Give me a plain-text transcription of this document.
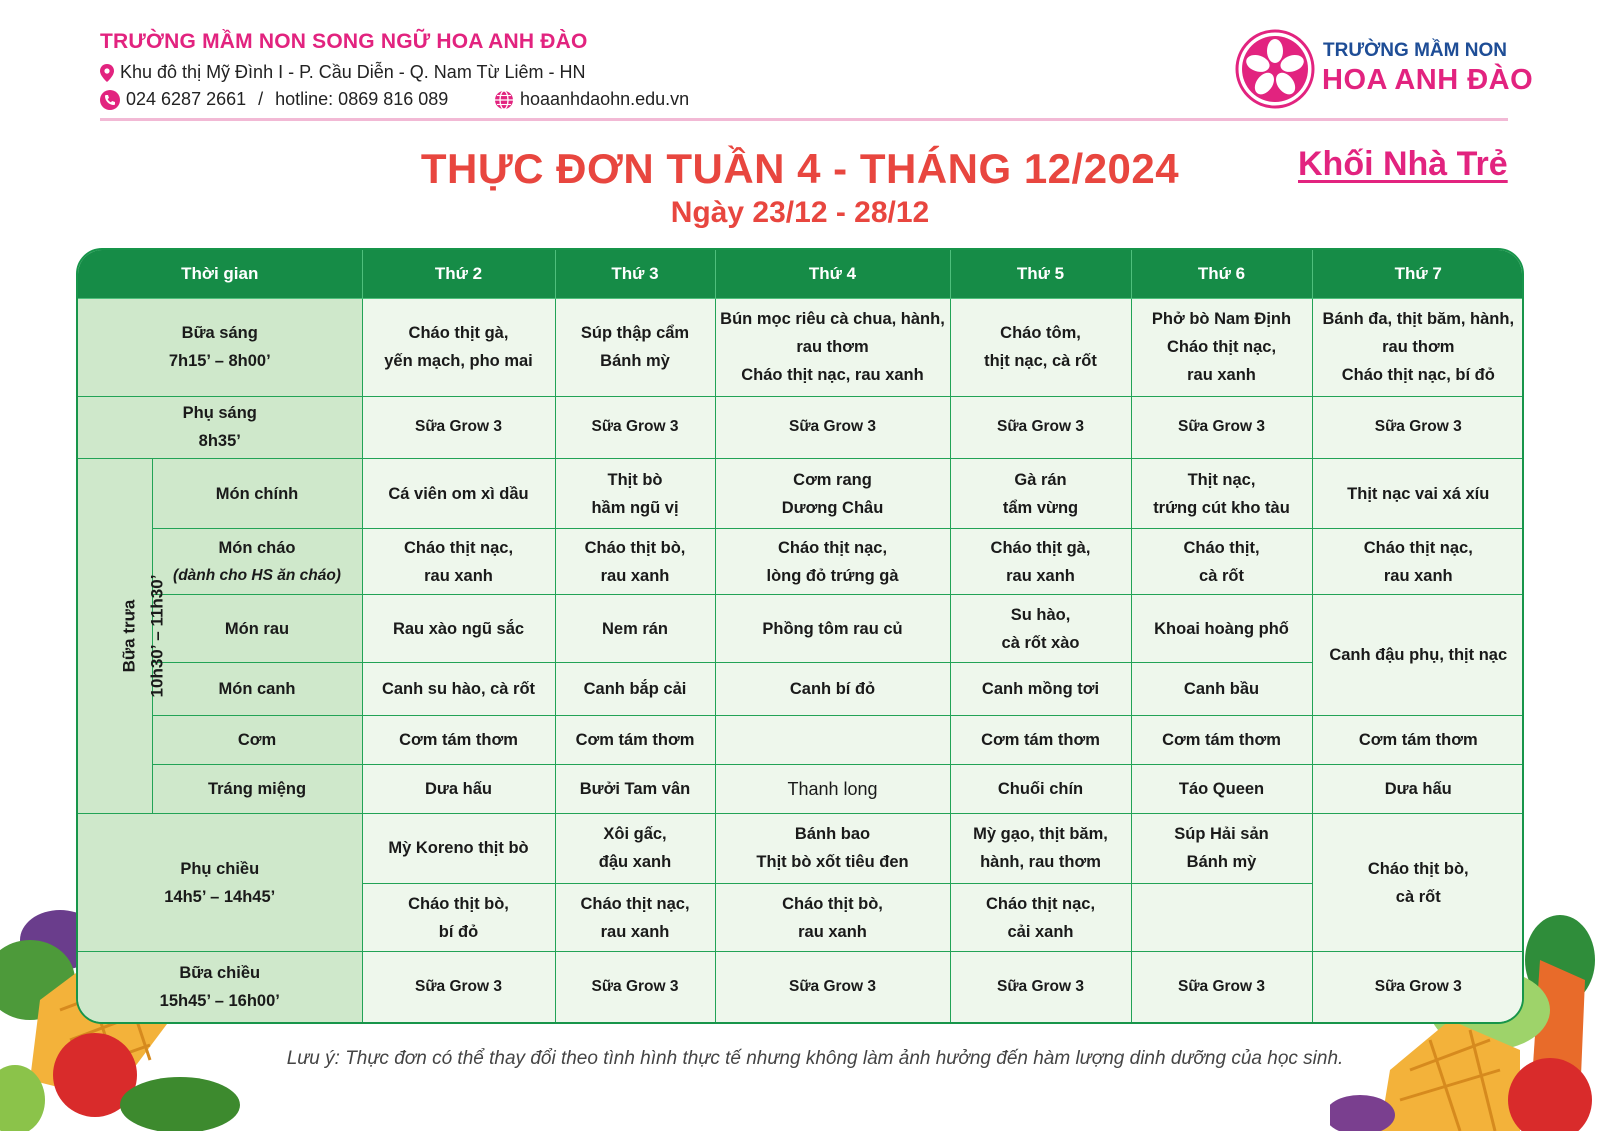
TRƯỜNG MẦM NON SONG NGỮ HOA ANH ĐÀO
Khu đô thị Mỹ Đình I - P. Cầu Diễn - Q. Nam Từ Liêm - HN
024 6287 2661 / hotline: 0869 816 089	hoaanhdaohn.edu.vn
TRƯỜNG MẦM NON
HOA ANH ĐÀO
THỰC ĐƠN TUẦN 4 - THÁNG 12/2024
Ngày 23/12 - 28/12
Khối Nhà Trẻ
Thời gian		Thứ 2	Thứ 3	Thứ 4	Thứ 5	Thứ 6	Thứ 7

Bữa sáng
7h15’ – 8h00’		Cháo thịt gà,
yến mạch, pho mai	Súp thập cẩm
Bánh mỳ	Bún mọc riêu cà chua, hành,
rau thơm
Cháo thịt nạc, rau xanh	Cháo tôm,
thịt nạc, cà rốt	Phở bò Nam Định
Cháo thịt nạc,
rau xanh	Bánh đa, thịt băm, hành,
rau thơm
Cháo thịt nạc, bí đỏ

Phụ sáng
8h35’		Sữa Grow 3	Sữa Grow 3	Sữa Grow 3	Sữa Grow 3	Sữa Grow 3	Sữa Grow 3

Bữa trưa 10h30’ – 11h30’	Món chính	Cá viên om xì dầu	Thịt bò
hầm ngũ vị	Cơm rang
Dương Châu	Gà rán
tẩm vừng	Thịt nạc,
trứng cút kho tàu	Thịt nạc vai xá xíu

	Món cháo
(dành cho HS ăn cháo)	Cháo thịt nạc,
rau xanh	Cháo thịt bò,
rau xanh	Cháo thịt nạc,
lòng đỏ trứng gà	Cháo thịt gà,
rau xanh	Cháo thịt,
cà rốt	Cháo thịt nạc,
rau xanh

	Món rau	Rau xào ngũ sắc	Nem rán	Phồng tôm rau củ	Su hào,
cà rốt xào	Khoai hoàng phố	Canh đậu phụ, thịt nạc

	Món canh	Canh su hào, cà rốt	Canh bắp cải	Canh bí đỏ	Canh mồng tơi	Canh bầu	
	Cơm	Cơm tám thơm	Cơm tám thơm		Cơm tám thơm	Cơm tám thơm	Cơm tám thơm
	Tráng miệng	Dưa hấu	Bưởi Tam vân	Thanh long	Chuối chín	Táo Queen	Dưa hấu

Phụ chiều
14h5’ – 14h45’		Mỳ Koreno thịt bò	Xôi gấc,
đậu xanh	Bánh bao
Thịt bò xốt tiêu đen	Mỳ gạo, thịt băm,
hành, rau thơm	Súp Hải sản
Bánh mỳ	Cháo thịt bò,
cà rốt

		Cháo thịt bò,
bí đỏ	Cháo thịt nạc,
rau xanh	Cháo thịt bò,
rau xanh	Cháo thịt nạc,
cải xanh		

Bữa chiều
15h45’ – 16h00’		Sữa Grow 3	Sữa Grow 3	Sữa Grow 3	Sữa Grow 3	Sữa Grow 3	Sữa Grow 3
Lưu ý: Thực đơn có thể thay đổi theo tình hình thực tế nhưng không làm ảnh hưởng đến hàm lượng dinh dưỡng của học sinh.
